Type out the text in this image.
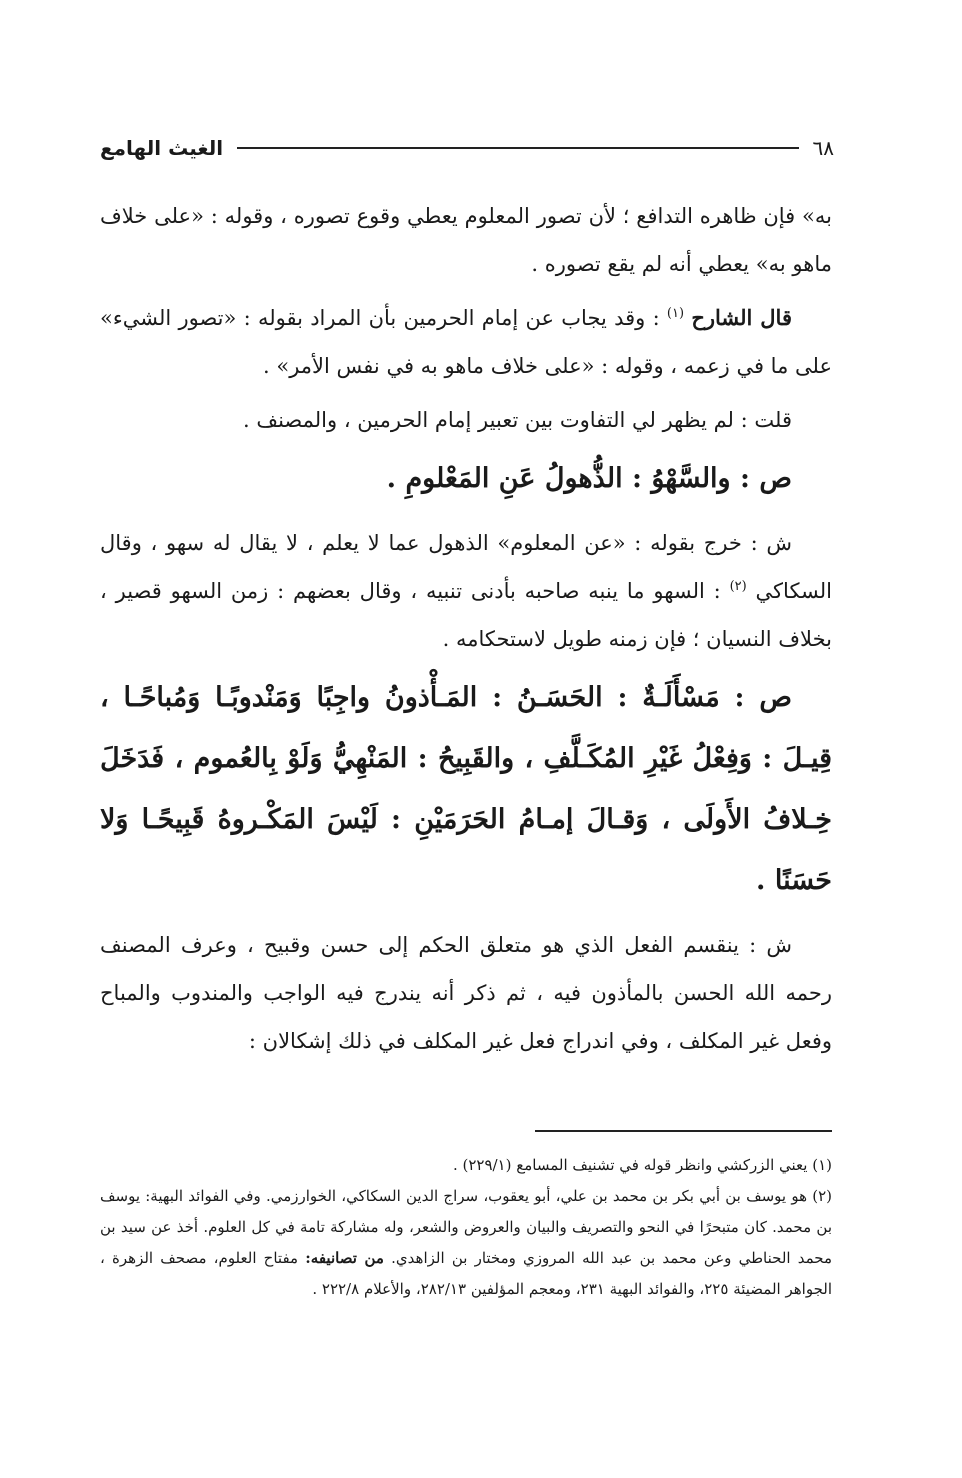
٦٨
الغيث الهامع

به» فإن ظاهره التدافع ؛ لأن تصور المعلوم يعطي وقوع تصوره ، وقوله : «على خلاف ماهو به» يعطي أنه لم يقع تصوره .

قال الشارح $^{(١)}$ : وقد يجاب عن إمام الحرمين بأن المراد بقوله : «تصور الشيء» على ما في زعمه ، وقوله : «على خلاف ماهو به في نفس الأمر» .

قلت : لم يظهر لي التفاوت بين تعبير إمام الحرمين ، والمصنف .

ص : والسَّهْوُ : الذُّهولُ عَنِ المَعْلومِ .

ش : خرج بقوله : «عن المعلوم» الذهول عما لا يعلم ، لا يقال له سهو ، وقال السكاكي $^{(٢)}$ : السهو ما ينبه صاحبه بأدنى تنبيه ، وقال بعضهم : زمن السهو قصير ، بخلاف النسيان ؛ فإن زمنه طويل لاستحكامه .

ص : مَسْأَلَـةٌ : الحَسَـنُ : المَـأْذونُ واجِبًا وَمَنْدوبًـا وَمُباحًـا ، قِيـلَ : وَفِعْلُ غَيْرِ المُكَـلَّفِ ، والقَبِيحُ : المَنْهِيُّ وَلَوْ بِالعُموم ، فَدَخَلَ خِـلافُ الأَولَى ، وَقـالَ إمـامُ الحَرَمَيْنِ : لَيْسَ المَكْـروهُ قَبِيحًـا وَلا حَسَنًا .

ش : ينقسم الفعل الذي هو متعلق الحكم إلى حسن وقبيح ، وعرف المصنف رحمه الله الحسن بالمأذون فيه ، ثم ذكر أنه يندرج فيه الواجب والمندوب والمباح وفعل غير المكلف ، وفي اندراج فعل غير المكلف في ذلك إشكالان :

(١) يعني الزركشي وانظر قوله في تشنيف المسامع (٢٢٩/١) .

(٢) هو يوسف بن أبي بكر بن محمد بن علي، أبو يعقوب، سراج الدين السكاكي، الخوارزمي. وفي الفوائد البهية: يوسف بن محمد. كان متبحرًا في النحو والتصريف والبيان والعروض والشعر، وله مشاركة تامة في كل العلوم. أخذ عن سيد بن محمد الحناطي وعن محمد بن عبد الله المروزي ومختار بن الزاهدي. من تصانيفه: مفتاح العلوم، مصحف الزهرة ، الجواهر المضيئة ٢٢٥، والفوائد البهية ٢٣١، ومعجم المؤلفين ٢٨٢/١٣، والأعلام ٢٢٢/٨ .
